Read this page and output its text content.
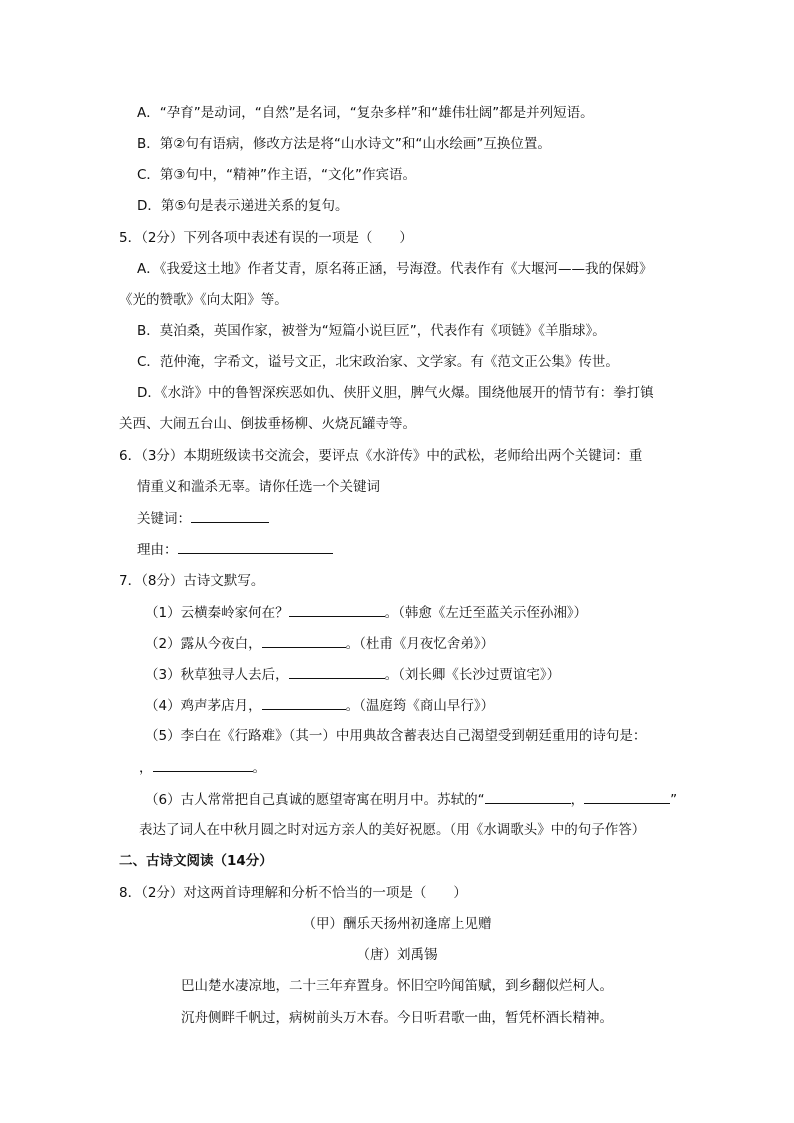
A．“孕育”是动词，“自然”是名词，“复杂多样”和“雄伟壮阔”都是并列短语。
B．第②句有语病，修改方法是将“山水诗文”和“山水绘画”互换位置。
C．第③句中，“精神”作主语，“文化”作宾语。
D．第⑤句是表示递进关系的复句。
5．（2分）下列各项中表述有误的一项是（　　）
A．《我爱这土地》作者艾青，原名蒋正涵，号海澄。代表作有《大堰河——我的保姆》
《光的赞歌》《向太阳》等。
B．莫泊桑，英国作家，被誉为“短篇小说巨匠”，代表作有《项链》《羊脂球》。
C．范仲淹，字希文，谥号文正，北宋政治家、文学家。有《范文正公集》传世。
D．《水浒》中的鲁智深疾恶如仇、侠肝义胆，脾气火爆。围绕他展开的情节有：拳打镇
关西、大闹五台山、倒拔垂杨柳、火烧瓦罐寺等。
6．（3分）本期班级读书交流会，要评点《水浒传》中的武松，老师给出两个关键词：重
情重义和滥杀无辜。请你任选一个关键词
关键词：
理由：
7．（8分）古诗文默写。
（1）云横秦岭家何在？	。（韩愈《左迁至蓝关示侄孙湘》）
（2）露从今夜白，	。（杜甫《月夜忆舍弟》）
（3）秋草独寻人去后，	。（刘长卿《长沙过贾谊宅》）
（4）鸡声茅店月，	。（温庭筠《商山早行》）
（5）李白在《行路难》（其一）中用典故含蓄表达自己渴望受到朝廷重用的诗句是：
，	。
（6）古人常常把自己真诚的愿望寄寓在明月中。苏轼的“	，	”
表达了词人在中秋月圆之时对远方亲人的美好祝愿。（用《水调歌头》中的句子作答）
二、古诗文阅读（14分）
8．（2分）对这两首诗理解和分析不恰当的一项是（　　）
（甲）酬乐天扬州初逢席上见赠
（唐）刘禹锡
巴山楚水凄凉地，二十三年弃置身。怀旧空吟闻笛赋，到乡翻似烂柯人。
沉舟侧畔千帆过，病树前头万木春。今日听君歌一曲，暂凭杯酒长精神。
